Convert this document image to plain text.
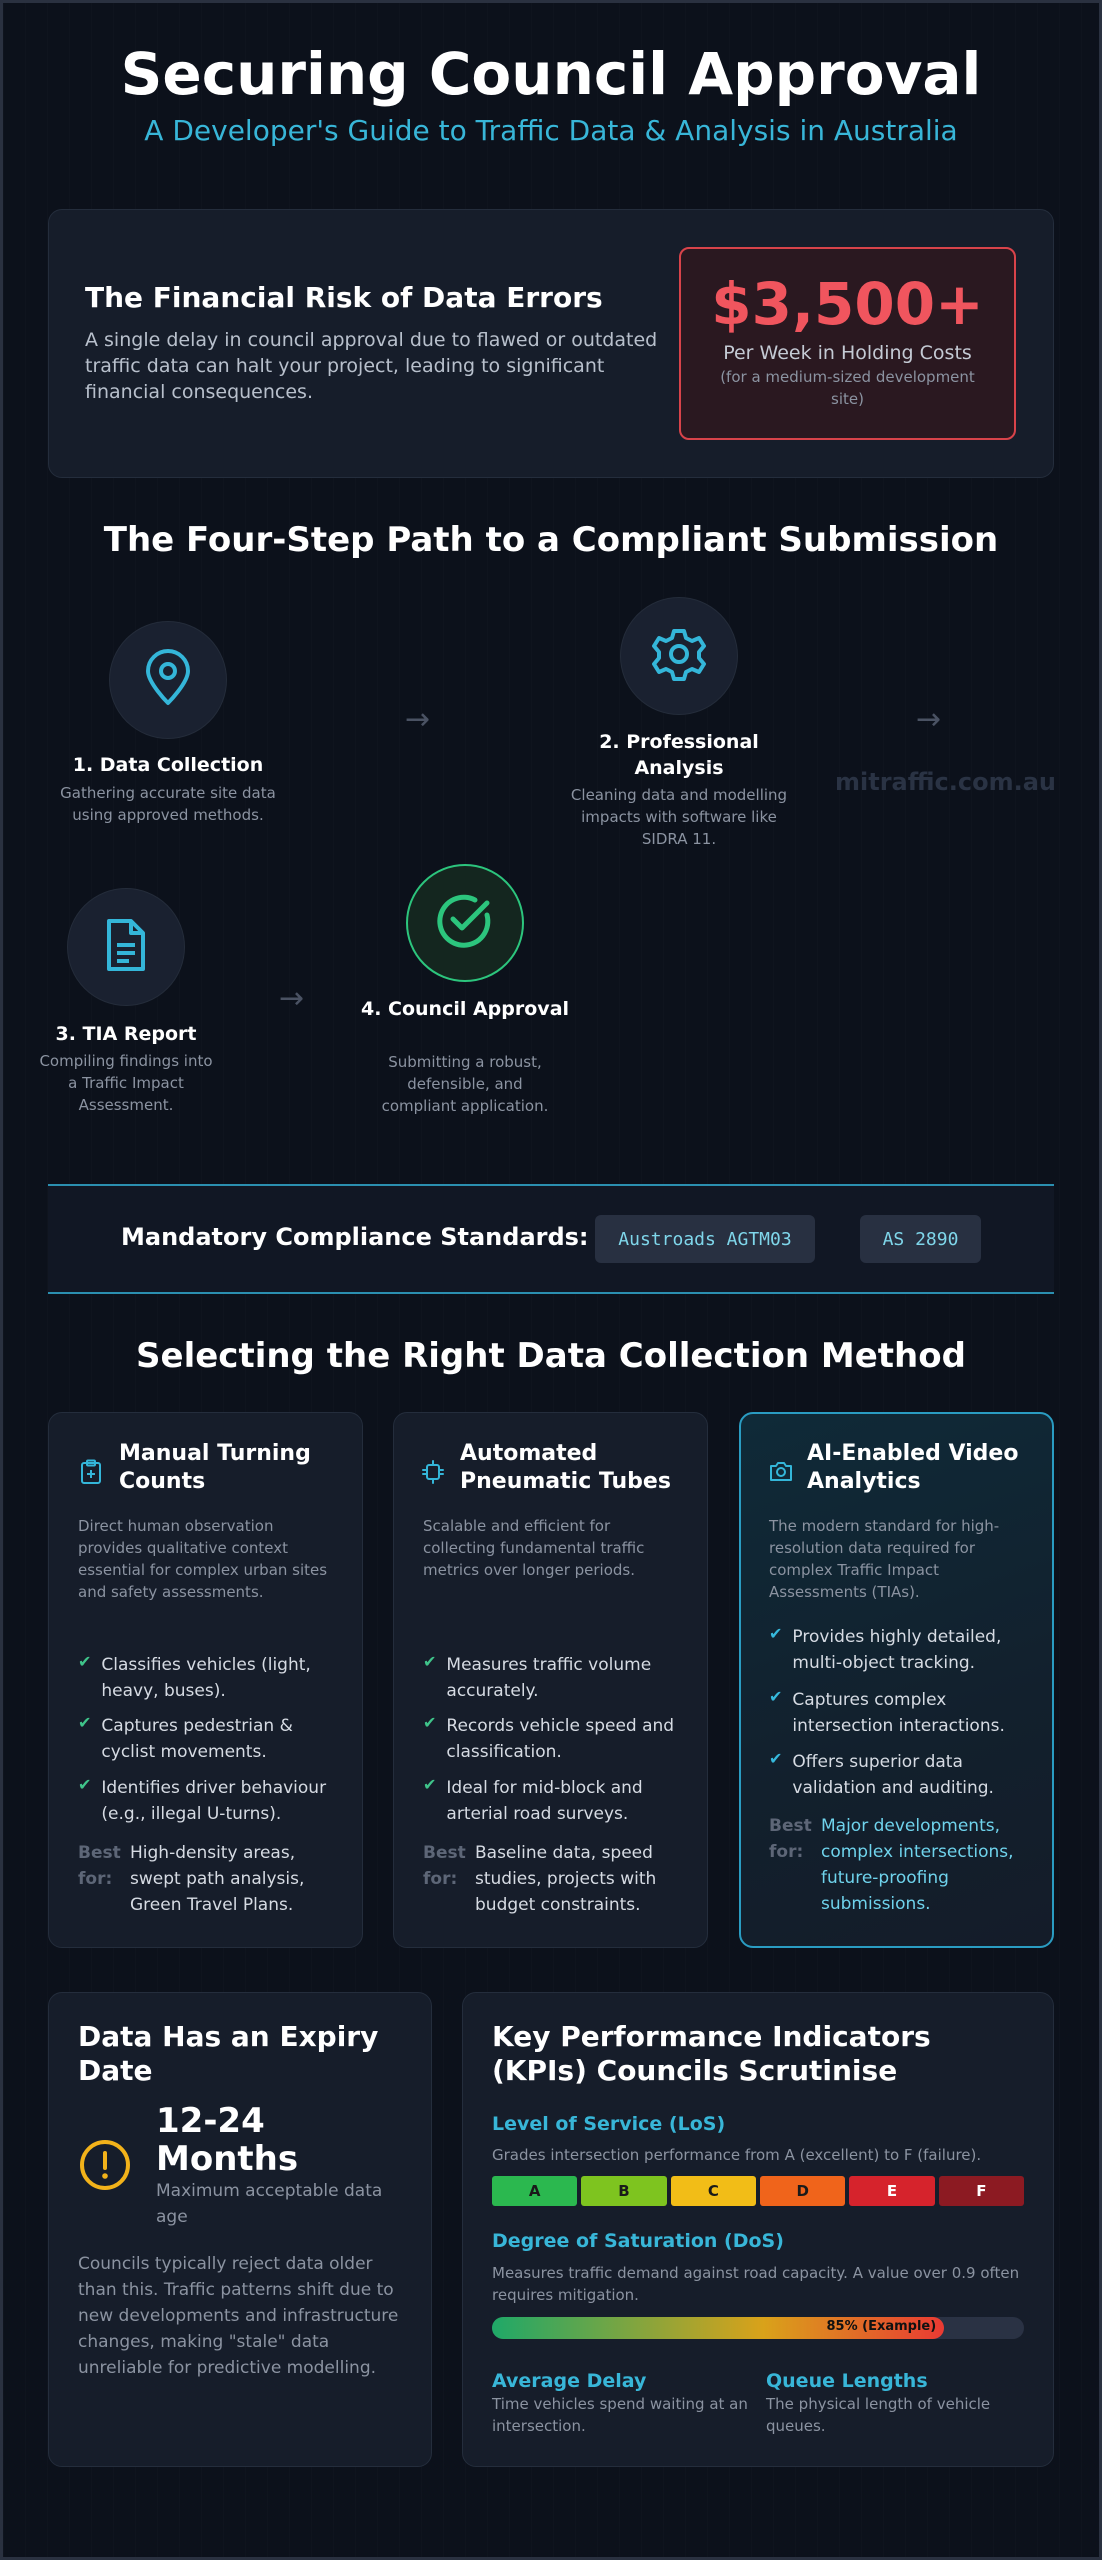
Securing Council Approval
A Developer's Guide to Traffic Data & Analysis in Australia
The Financial Risk of Data Errors
A single delay in council approval due to flawed or outdated traffic data can halt your project, leading to significant financial consequences.
$3,500+
Per Week in Holding Costs
(for a medium-sized development site)
The Four-Step Path to a Compliant Submission
1. Data Collection
Gathering accurate site data using approved methods.
→
2. Professional Analysis
Cleaning data and modelling impacts with software like SIDRA 11.
→
mitraffic.com.au
3. TIA Report
Compiling findings into a Traffic Impact Assessment.
→	4. Council Approval
Submitting a robust, defensible, and compliant application.
Mandatory Compliance Standards:	Austroads AGTM03	AS 2890
Selecting the Right Data Collection Method
Manual Turning Counts
Direct human observation provides qualitative context essential for complex urban sites and safety assessments.
✔ Classifies vehicles (light, heavy, buses).
✔ Captures pedestrian & cyclist movements.
✔ Identifies driver behaviour (e.g., illegal U-turns).
Best for:
High-density areas, swept path analysis, Green Travel Plans.
Automated Pneumatic Tubes
Scalable and efficient for collecting fundamental traffic metrics over longer periods.
✔ Measures traffic volume accurately.
✔ Records vehicle speed and classification.
✔ Ideal for mid-block and arterial road surveys.
Best for:
Baseline data, speed studies, projects with budget constraints.
AI-Enabled Video Analytics
The modern standard for high-resolution data required for complex Traffic Impact Assessments (TIAs).
✔ Provides highly detailed, multi-object tracking.
✔ Captures complex intersection interactions.
✔ Offers superior data validation and auditing.
Best for:
Major developments, complex intersections, future-proofing submissions.
Data Has an Expiry Date
12-24 Months
Maximum acceptable data age
Councils typically reject data older than this. Traffic patterns shift due to new developments and infrastructure changes, making "stale" data unreliable for predictive modelling.
Key Performance Indicators (KPIs) Councils Scrutinise
Level of Service (LoS)
Grades intersection performance from A (excellent) to F (failure).
Degree of Saturation (DoS)
Measures traffic demand against road capacity. A value over 0.9 often requires mitigation.
85% (Example)
Average Delay
Time vehicles spend waiting at an intersection.
Queue Lengths
The physical length of vehicle queues.
A	B	C	D	E	F
